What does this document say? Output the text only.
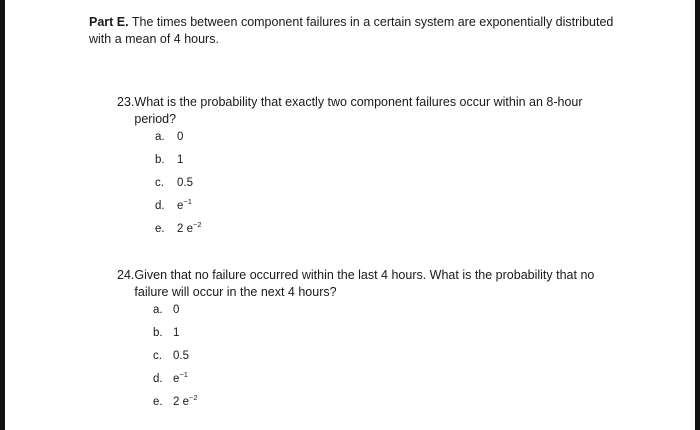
Part E. The times between component failures in a certain system are exponentially distributed with a mean of 4 hours.
23. What is the probability that exactly two component failures occur within an 8-hour period?
a.	0
b.	1
c.	0.5
d.	$e^{-1}$
e.	2 $e^{-2}$
24. Given that no failure occurred within the last 4 hours. What is the probability that no failure will occur in the next 4 hours?
a. 0
b. 1
c. 0.5
d. $e^{-1}$
e. 2 $e^{-2}$
